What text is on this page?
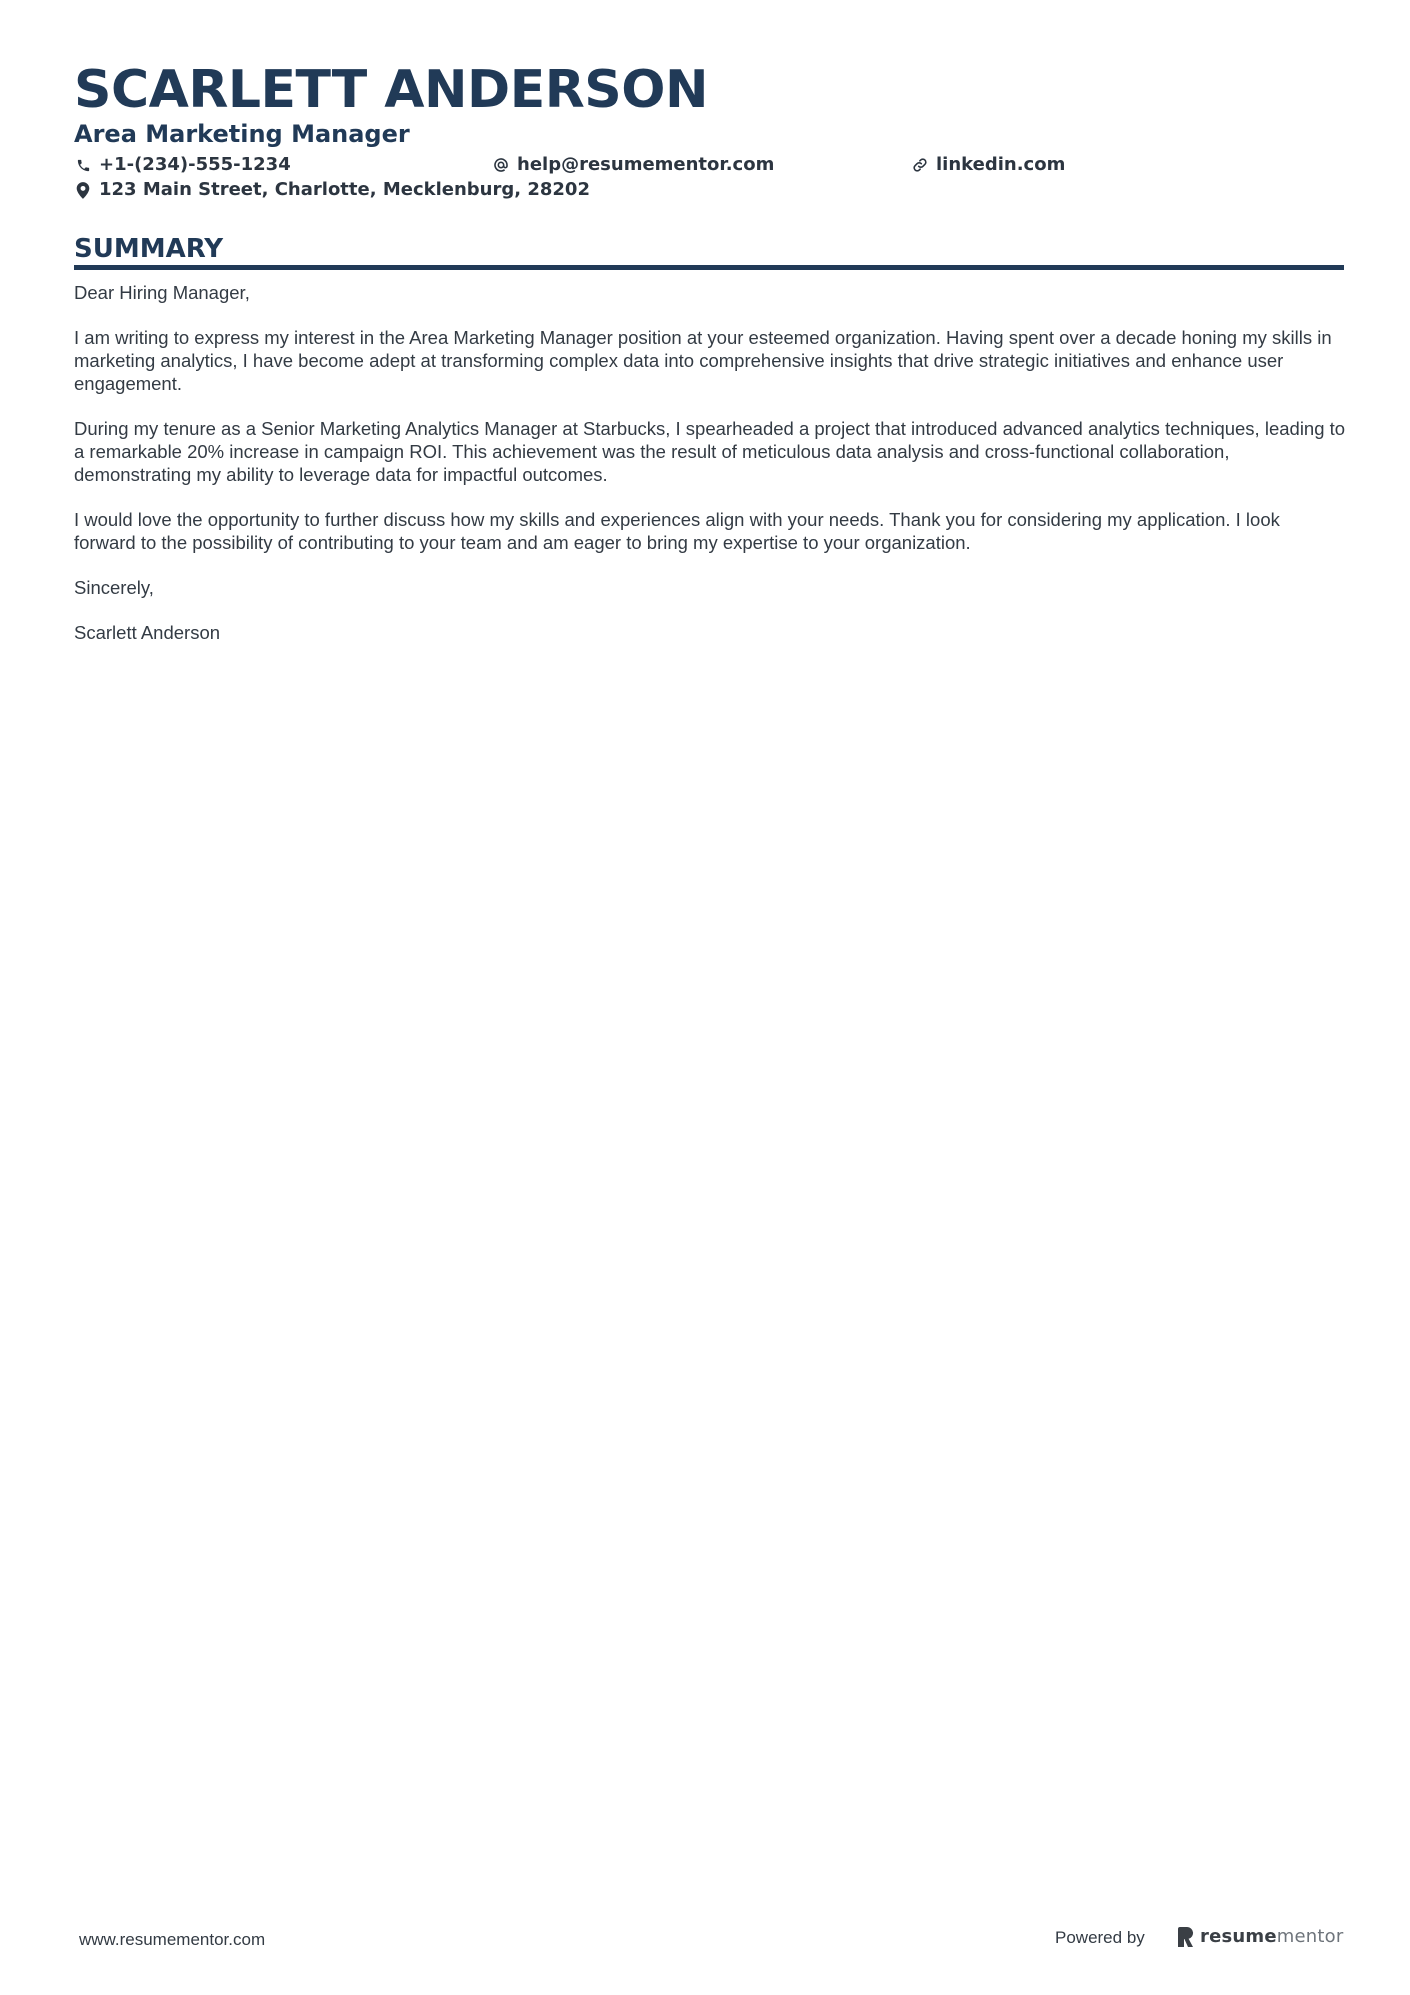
SCARLETT ANDERSON
Area Marketing Manager
+1-(234)-555-1234	help@resumementor.com	linkedin.com
123 Main Street, Charlotte, Mecklenburg, 28202
SUMMARY

Dear Hiring Manager,

I am writing to express my interest in the Area Marketing Manager position at your esteemed organization. Having spent over a decade honing my skills in marketing analytics, I have become adept at transforming complex data into comprehensive insights that drive strategic initiatives and enhance user engagement.

During my tenure as a Senior Marketing Analytics Manager at Starbucks, I spearheaded a project that introduced advanced analytics techniques, leading to a remarkable 20% increase in campaign ROI. This achievement was the result of meticulous data analysis and cross-functional collaboration, demonstrating my ability to leverage data for impactful outcomes.

I would love the opportunity to further discuss how my skills and experiences align with your needs. Thank you for considering my application. I look forward to the possibility of contributing to your team and am eager to bring my expertise to your organization.

Sincerely,

Scarlett Anderson

www.resumementor.com	Powered by	resumementor
